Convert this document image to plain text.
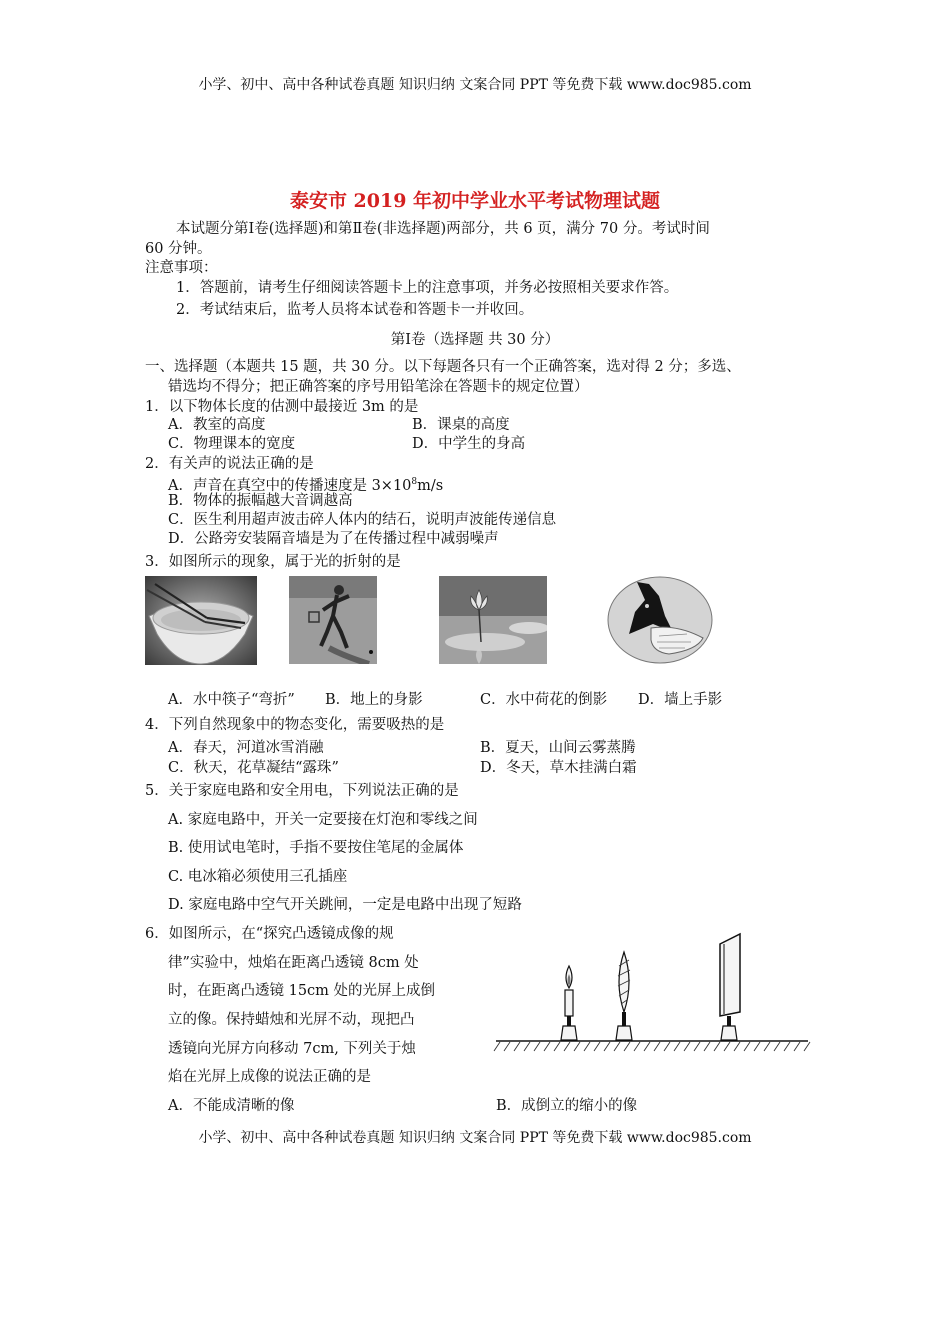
小学、初中、高中各种试卷真题 知识归纳 文案合同 PPT 等免费下载 www.doc985.com
泰安市 2019 年初中学业水平考试物理试题
本试题分第Ⅰ卷(选择题)和第Ⅱ卷(非选择题)两部分，共 6 页，满分 70 分。考试时间
60 分钟。
注意事项：
1．答题前，请考生仔细阅读答题卡上的注意事项，并务必按照相关要求作答。
2．考试结束后，监考人员将本试卷和答题卡一并收回。
第Ⅰ卷（选择题 共 30 分）
一、选择题（本题共 15 题，共 30 分。以下每题各只有一个正确答案，选对得 2 分；多选、
错选均不得分；把正确答案的序号用铅笔涂在答题卡的规定位置）
1．以下物体长度的估测中最接近 3m 的是
A．教室的高度	B．课桌的高度
C．物理课本的宽度	D．中学生的身高
2．有关声的说法正确的是
A．声音在真空中的传播速度是 $3\times 10^8m/s$
B．物体的振幅越大音调越高
C．医生利用超声波击碎人体内的结石，说明声波能传递信息
D．公路旁安装隔音墙是为了在传播过程中减弱噪声
3．如图所示的现象，属于光的折射的是
A．水中筷子“弯折” B．地上的身影	C．水中荷花的倒影 D．墙上手影
4．下列自然现象中的物态变化，需要吸热的是
A．春天，河道冰雪消融	B．夏天，山间云雾蒸腾
C．秋天，花草凝结“露珠”	D．冬天，草木挂满白霜
5．关于家庭电路和安全用电，下列说法正确的是
A. 家庭电路中，开关一定要接在灯泡和零线之间
B. 使用试电笔时，手指不要按住笔尾的金属体
C. 电冰箱必须使用三孔插座
D. 家庭电路中空气开关跳闸，一定是电路中出现了短路
6．如图所示，在“探究凸透镜成像的规
律”实验中，烛焰在距离凸透镜 8cm 处
时，在距离凸透镜 15cm 处的光屏上成倒
立的像。保持蜡烛和光屏不动，现把凸
透镜向光屏方向移动 7cm, 下列关于烛
焰在光屏上成像的说法正确的是
A．不能成清晰的像	B．成倒立的缩小的像
小学、初中、高中各种试卷真题 知识归纳 文案合同 PPT 等免费下载 www.doc985.com
